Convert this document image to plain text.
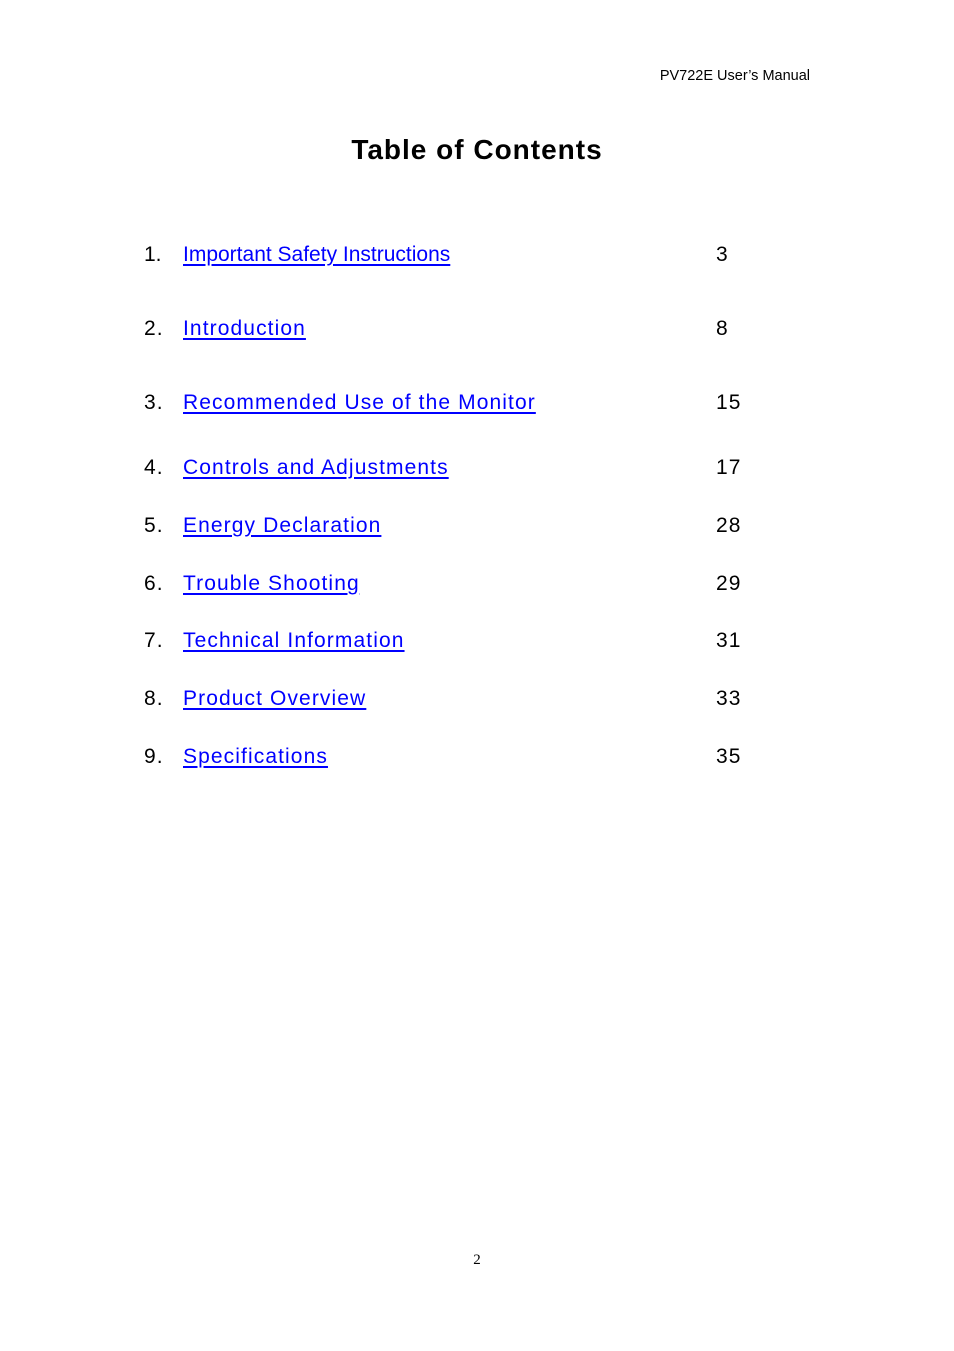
PV722E User’s Manual
Table of Contents
1. Important Safety Instructions	3
2. Introduction	8
3. Recommended Use of the Monitor	15
4. Controls and Adjustments	17
5. Energy Declaration	28
6. Trouble Shooting	29
7. Technical Information	31
8. Product Overview	33
9. Specifications	35
2
